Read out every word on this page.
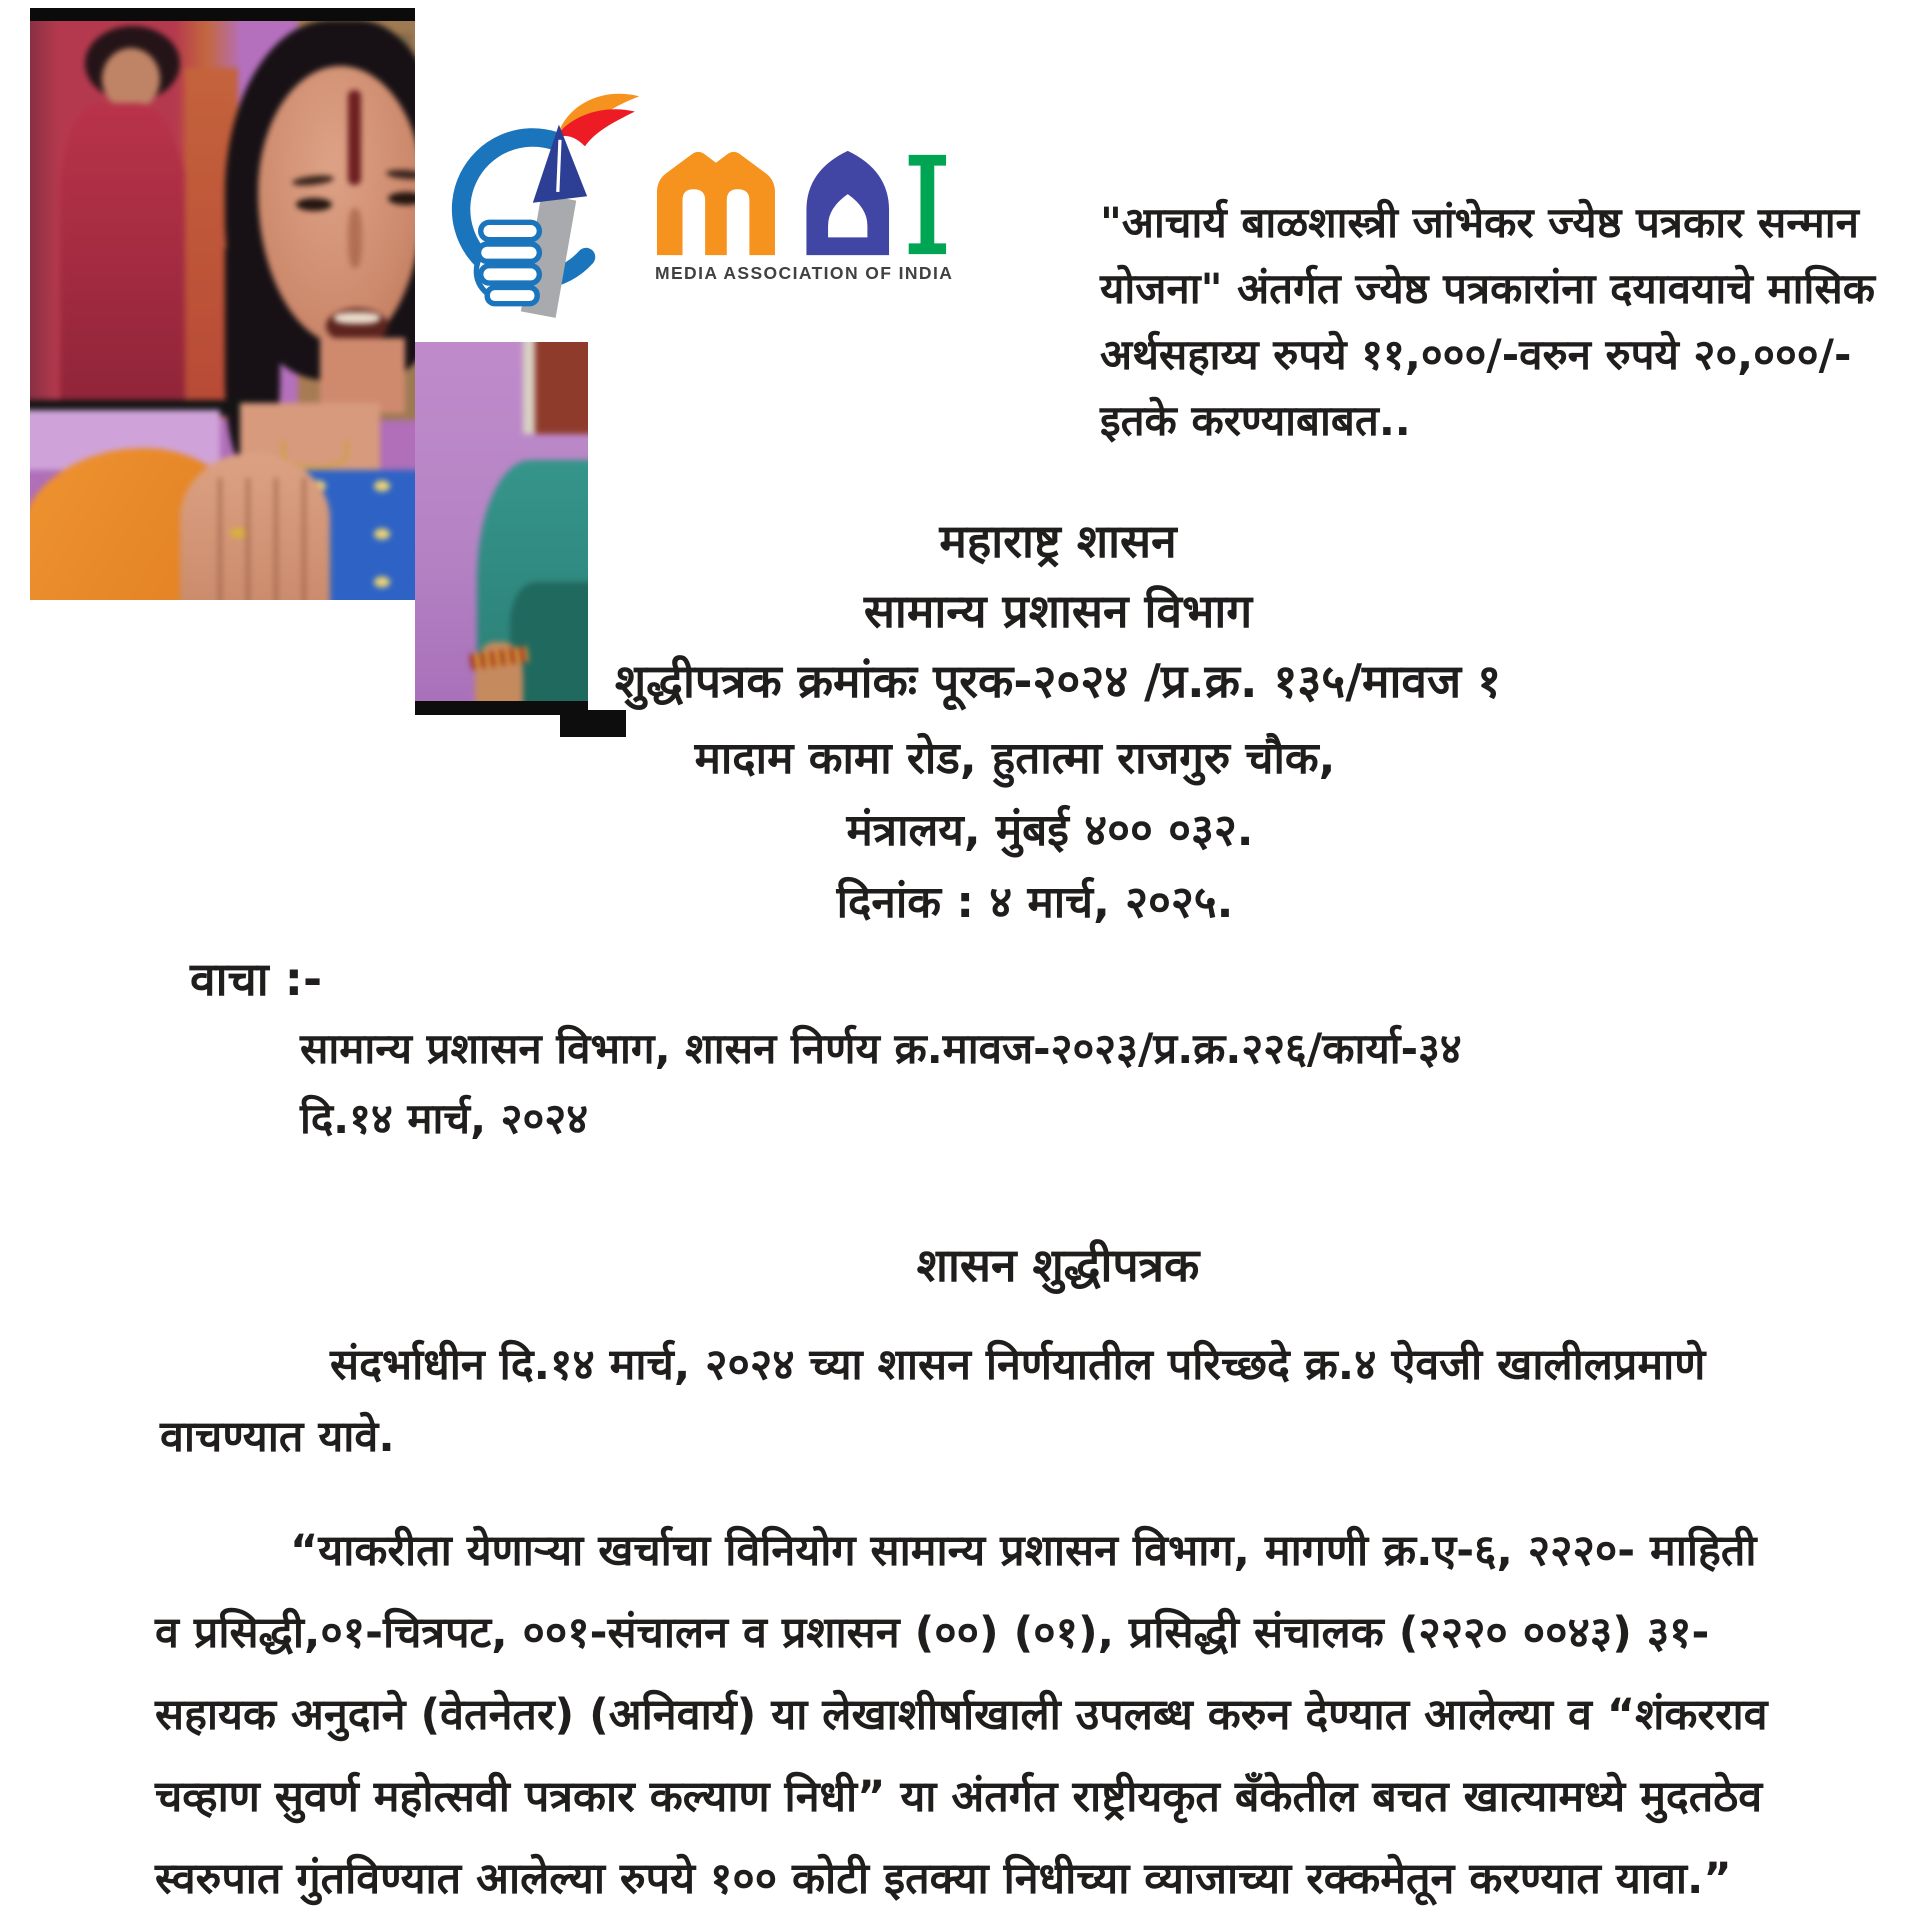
MEDIA ASSOCIATION OF INDIA
"आचार्य बाळशास्त्री जांभेकर ज्येष्ठ पत्रकार सन्मान
योजना" अंतर्गत ज्येष्ठ पत्रकारांना दयावयाचे मासिक
अर्थसहाय्य रुपये ११,०००/-वरुन रुपये २०,०००/-
इतके करण्याबाबत..
महाराष्ट्र शासन
सामान्य प्रशासन विभाग
शुद्धीपत्रक क्रमांकः पूरक-२०२४ /प्र.क्र. १३५/मावज १
मादाम कामा रोड, हुतात्मा राजगुरु चौक,
मंत्रालय, मुंबई ४०० ०३२.
दिनांक : ४ मार्च, २०२५.
वाचा :-
सामान्य प्रशासन विभाग, शासन निर्णय क्र.मावज-२०२३/प्र.क्र.२२६/कार्या-३४
दि.१४ मार्च, २०२४
शासन शुद्धीपत्रक
संदर्भाधीन दि.१४ मार्च, २०२४ च्या शासन निर्णयातील परिच्छदे क्र.४ ऐवजी खालीलप्रमाणे
वाचण्यात यावे.
“याकरीता येणाऱ्या खर्चाचा विनियोग सामान्य प्रशासन विभाग, मागणी क्र.ए-६, २२२०- माहिती
व प्रसिद्धी,०१-चित्रपट, ००१-संचालन व प्रशासन (००) (०१), प्रसिद्धी संचालक (२२२० ००४३) ३१-
सहायक अनुदाने (वेतनेतर) (अनिवार्य) या लेखाशीर्षाखाली उपलब्ध करुन देण्यात आलेल्या व “शंकरराव
चव्हाण सुवर्ण महोत्सवी पत्रकार कल्याण निधी” या अंतर्गत राष्ट्रीयकृत बँकेतील बचत खात्यामध्ये मुदतठेव
स्वरुपात गुंतविण्यात आलेल्या रुपये १०० कोटी इतक्या निधीच्या व्याजाच्या रक्कमेतून करण्यात यावा.”
